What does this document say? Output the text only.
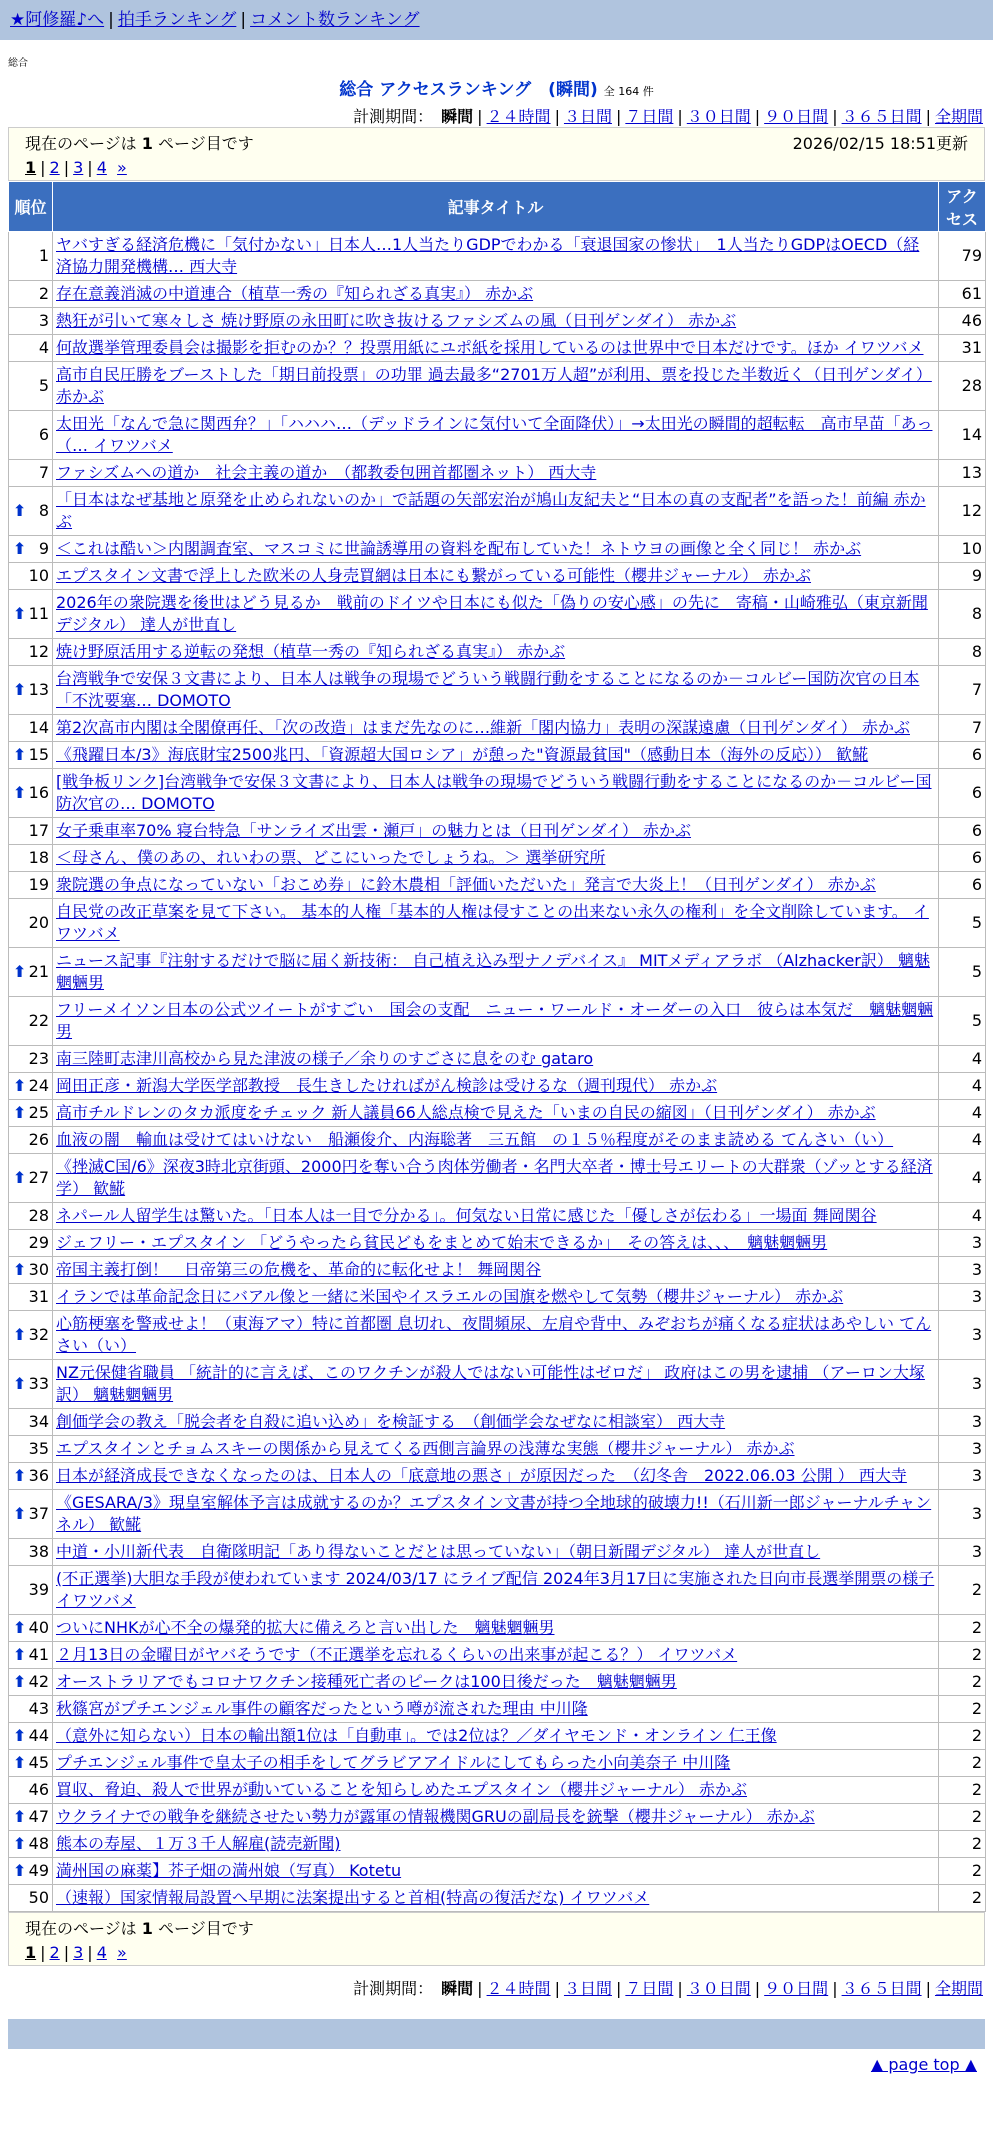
★阿修羅♪へ | 拍手ランキング | コメント数ランキング
総合
総合 アクセスランキング　(瞬間) 全 164 件
計測期間： 瞬間 | ２４時間 | ３日間 | ７日間 | ３０日間 | ９０日間 | ３６５日間 | 全期間
現在のページは 1 ページ目です	2026/02/15 18:51更新
1 | 2 | 3 | 4 »
順位	記事タイトル	アクセス
1	ヤバすぎる経済危機に「気付かない」日本人…1人当たりGDPでわかる「衰退国家の惨状」　1人当たりGDPはOECD（経済協力開発機構… 西大寺	79
2	存在意義消滅の中道連合（植草一秀の『知られざる真実』） 赤かぶ	61
3	熱狂が引いて寒々しさ 焼け野原の永田町に吹き抜けるファシズムの風（日刊ゲンダイ） 赤かぶ	46
4	何故選挙管理委員会は撮影を拒むのか？？投票用紙にユポ紙を採用しているのは世界中で日本だけです。ほか イワツバメ	31
5	高市自民圧勝をブーストした「期日前投票」の功罪 過去最多“2701万人超”が利用、票を投じた半数近く（日刊ゲンダイ） 赤かぶ	28
6	太田光「なんで急に関西弁？」「ハハハ…（デッドラインに気付いて全面降伏）」→太田光の瞬間的超転転　高市早苗「あっ（… イワツバメ	14
7	ファシズムへの道か　社会主義の道か　（都教委包囲首都圏ネット） 西大寺	13

⬆ 8	「日本はなぜ基地と原発を止められないのか」で話題の矢部宏治が鳩山友紀夫と“日本の真の支配者”を語った！前編 赤かぶ	12

⬆ 9	＜これは酷い＞内閣調査室、マスコミに世論誘導用の資料を配布していた！ネトウヨの画像と全く同じ！ 赤かぶ	10
10	エプスタイン文書で浮上した欧米の人身売買網は日本にも繋がっている可能性（櫻井ジャーナル） 赤かぶ	9

⬆ 11	2026年の衆院選を後世はどう見るか　戦前のドイツや日本にも似た「偽りの安心感」の先に　寄稿・山崎雅弘（東京新聞デジタル） 達人が世直し	8
12	焼け野原活用する逆転の発想（植草一秀の『知られざる真実』） 赤かぶ	8

⬆ 13	台湾戦争で安保３文書により、日本人は戦争の現場でどういう戦闘行動をすることになるのか－コルビー国防次官の日本「不沈要塞… DOMOTO	7
14	第2次高市内閣は全閣僚再任、「次の改造」はまだ先なのに…維新「閣内協力」表明の深謀遠慮（日刊ゲンダイ） 赤かぶ	7

⬆ 15	《飛躍日本/3》海底財宝2500兆円、「資源超大国ロシア」が憩った"資源最貧国"（感動日本（海外の反応）） 歓𩸽	6

⬆ 16	[戦争板リンク]台湾戦争で安保３文書により、日本人は戦争の現場でどういう戦闘行動をすることになるのか－コルビー国防次官の… DOMOTO	6
17	女子乗車率70% 寝台特急「サンライズ出雲・瀬戸」の魅力とは（日刊ゲンダイ） 赤かぶ	6
18	＜母さん、僕のあの、れいわの票、どこにいったでしょうね。＞ 選挙研究所	6
19	衆院選の争点になっていない「おこめ券」に鈴木農相「評価いただいた」発言で大炎上！（日刊ゲンダイ） 赤かぶ	6
20	自民党の改正草案を見て下さい。 基本的人権「基本的人権は侵すことの出来ない永久の権利」を全文削除しています。 イワツバメ	5

⬆ 21	ニュース記事『注射するだけで脳に届く新技術： 自己植え込み型ナノデバイス』 MITメディアラボ （Alzhacker訳） 魑魅魍魎男	5
22	フリーメイソン日本の公式ツイートがすごい　国会の支配　ニュー・ワールド・オーダーの入口　彼らは本気だ　魑魅魍魎男	5
23	南三陸町志津川高校から見た津波の様子／余りのすごさに息をのむ gataro	4

⬆ 24	岡田正彦・新潟大学医学部教授　長生きしたければがん検診は受けるな（週刊現代） 赤かぶ	4

⬆ 25	高市チルドレンのタカ派度をチェック 新人議員66人総点検で見えた「いまの自民の縮図」（日刊ゲンダイ） 赤かぶ	4
26	血液の闇　輸血は受けてはいけない　船瀬俊介、内海聡著　三五館　の１５％程度がそのまま読める てんさい（い）	4

⬆ 27	《挫滅C国/6》深夜3時北京街頭、2000円を奪い合う肉体労働者・名門大卒者・博士号エリートの大群衆（ゾッとする経済学） 歓𩸽	4
28	ネパール人留学生は驚いた。「日本人は一目で分かる」。何気ない日常に感じた「優しさが伝わる」一場面 舞岡関谷	4
29	ジェフリー・エプスタイン 「どうやったら貧民どもをまとめて始末できるか」　その答えは、、、　魑魅魍魎男	3

⬆ 30	帝国主義打倒！　日帝第三の危機を、革命的に転化せよ！ 舞岡関谷	3
31	イランでは革命記念日にバアル像と一緒に米国やイスラエルの国旗を燃やして気勢（櫻井ジャーナル） 赤かぶ	3

⬆ 32	心筋梗塞を警戒せよ！（東海アマ）特に首都圏 息切れ、夜間頻尿、左肩や背中、みぞおちが痛くなる症状はあやしい てんさい（い）	3

⬆ 33	NZ元保健省職員 「統計的に言えば、このワクチンが殺人ではない可能性はゼロだ」 政府はこの男を逮捕 （アーロン大塚訳） 魑魅魍魎男	3
34	創価学会の教え「脱会者を自殺に追い込め」を検証する　（創価学会なぜなに相談室） 西大寺	3
35	エプスタインとチョムスキーの関係から見えてくる西側言論界の浅薄な実態（櫻井ジャーナル） 赤かぶ	3

⬆ 36	日本が経済成長できなくなったのは、日本人の「底意地の悪さ」が原因だった　（幻冬舎　2022.06.03 公開 ） 西大寺	3

⬆ 37	《GESARA/3》現皇室解体予言は成就するのか？エプスタイン文書が持つ全地球的破壊力!!（石川新一郎ジャーナルチャンネル） 歓𩸽	3
38	中道・小川新代表　自衛隊明記「あり得ないことだとは思っていない」（朝日新聞デジタル） 達人が世直し	3
39	(不正選挙)大胆な手段が使われています 2024/03/17 にライブ配信 2024年3月17日に実施された日向市長選挙開票の様子 イワツバメ	2

⬆ 40	ついにNHKが心不全の爆発的拡大に備えろと言い出した　魑魅魍魎男	2

⬆ 41	２月13日の金曜日がヤバそうです（不正選挙を忘れるくらいの出来事が起こる？） イワツバメ	2

⬆ 42	オーストラリアでもコロナワクチン接種死亡者のピークは100日後だった　魑魅魍魎男	2
43	秋篠宮がプチエンジェル事件の顧客だったという噂が流された理由 中川隆	2

⬆ 44	（意外に知らない）日本の輸出額1位は「自動車」。では2位は？／ダイヤモンド・オンライン 仁王像	2

⬆ 45	プチエンジェル事件で皇太子の相手をしてグラビアアイドルにしてもらった小向美奈子 中川隆	2
46	買収、脅迫、殺人で世界が動いていることを知らしめたエプスタイン（櫻井ジャーナル） 赤かぶ	2

⬆ 47	ウクライナでの戦争を継続させたい勢力が露軍の情報機関GRUの副局長を銃撃（櫻井ジャーナル） 赤かぶ	2

⬆ 48	熊本の寿屋、１万３千人解雇(読売新聞)	2

⬆ 49	満州国の麻薬】芥子畑の満州娘（写真） Kotetu	2
50	（速報）国家情報局設置へ早期に法案提出すると首相(特高の復活だな) イワツバメ	2
現在のページは 1 ページ目です
1 | 2 | 3 | 4 »
計測期間： 瞬間 | ２４時間 | ３日間 | ７日間 | ３０日間 | ９０日間 | ３６５日間 | 全期間
▲ page top ▲
